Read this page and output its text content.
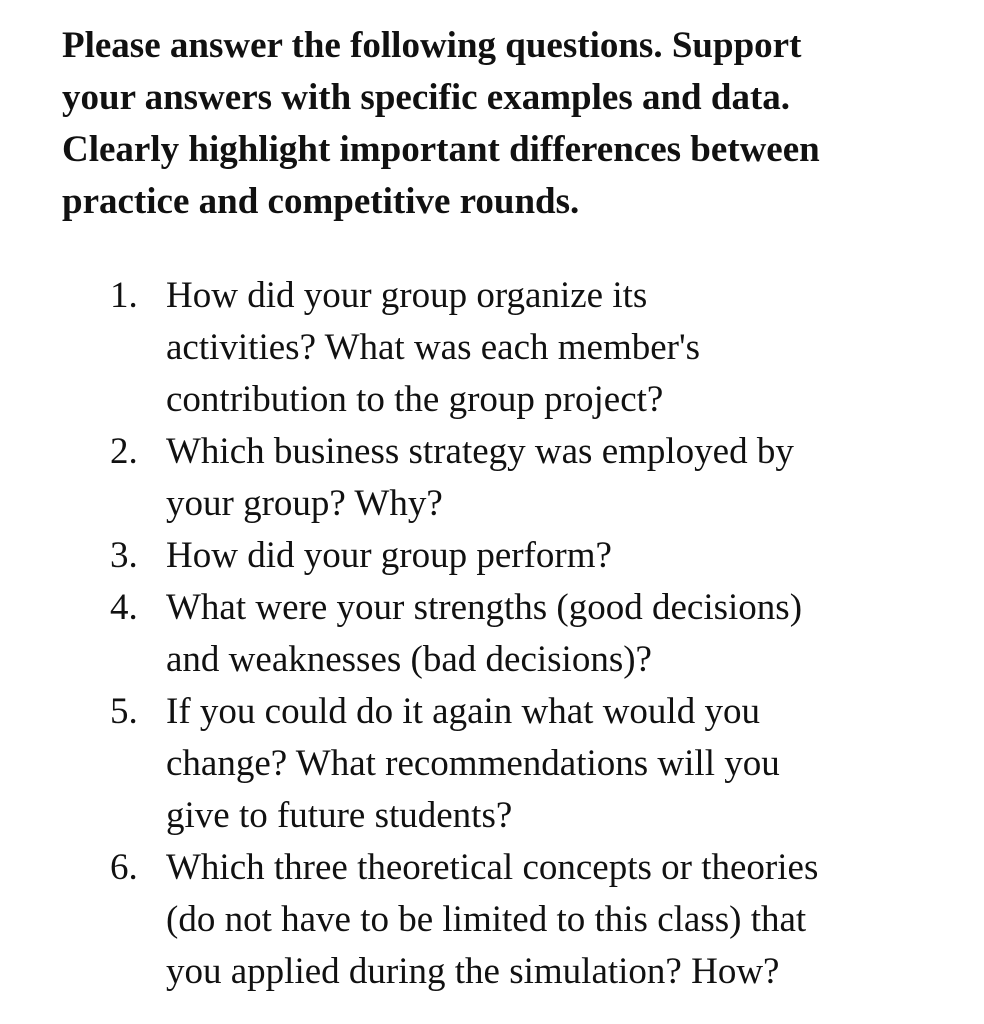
Please answer the following questions. Support
your answers with specific examples and data.
Clearly highlight important differences between
practice and competitive rounds.

1. How did your group organize its
activities? What was each member's
contribution to the group project?
2. Which business strategy was employed by
your group? Why?
3. How did your group perform?
4. What were your strengths (good decisions)
and weaknesses (bad decisions)?
5. If you could do it again what would you
change? What recommendations will you
give to future students?
6. Which three theoretical concepts or theories
(do not have to be limited to this class) that
you applied during the simulation? How?
